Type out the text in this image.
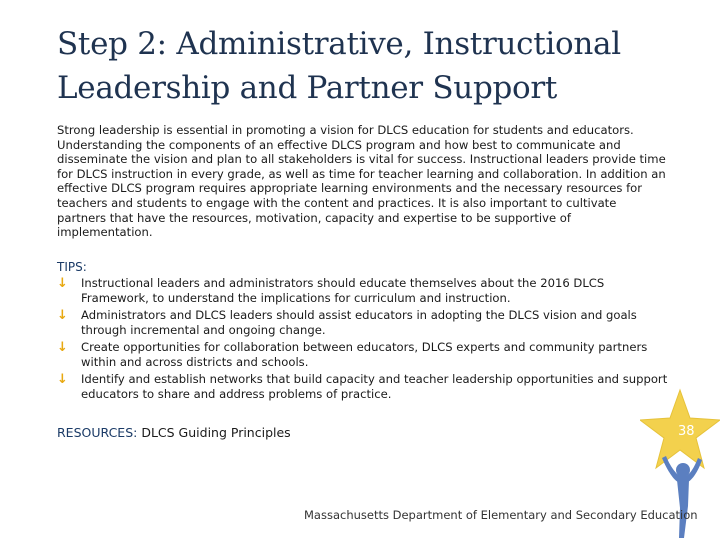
Step 2: Administrative, Instructional
Leadership and Partner Support

Strong leadership is essential in promoting a vision for DLCS education for students and educators. Understanding the components of an effective DLCS program and how best to communicate and disseminate the vision and plan to all stakeholders is vital for success. Instructional leaders provide time for DLCS instruction in every grade, as well as time for teacher learning and collaboration. In addition an effective DLCS program requires appropriate learning environments and the necessary resources for teachers and students to engage with the content and practices. It is also important to cultivate partners that have the resources, motivation, capacity and expertise to be supportive of implementation.

TIPS:
↓ Instructional leaders and administrators should educate themselves about the 2016 DLCS Framework, to understand the implications for curriculum and instruction.
↓ Administrators and DLCS leaders should assist educators in adopting the DLCS vision and goals through incremental and ongoing change.
↓ Create opportunities for collaboration between educators, DLCS experts and community partners within and across districts and schools.
↓ Identify and establish networks that build capacity and teacher leadership opportunities and support educators to share and address problems of practice.
RESOURCES: DLCS Guiding Principles	38
Massachusetts Department of Elementary and Secondary Education
